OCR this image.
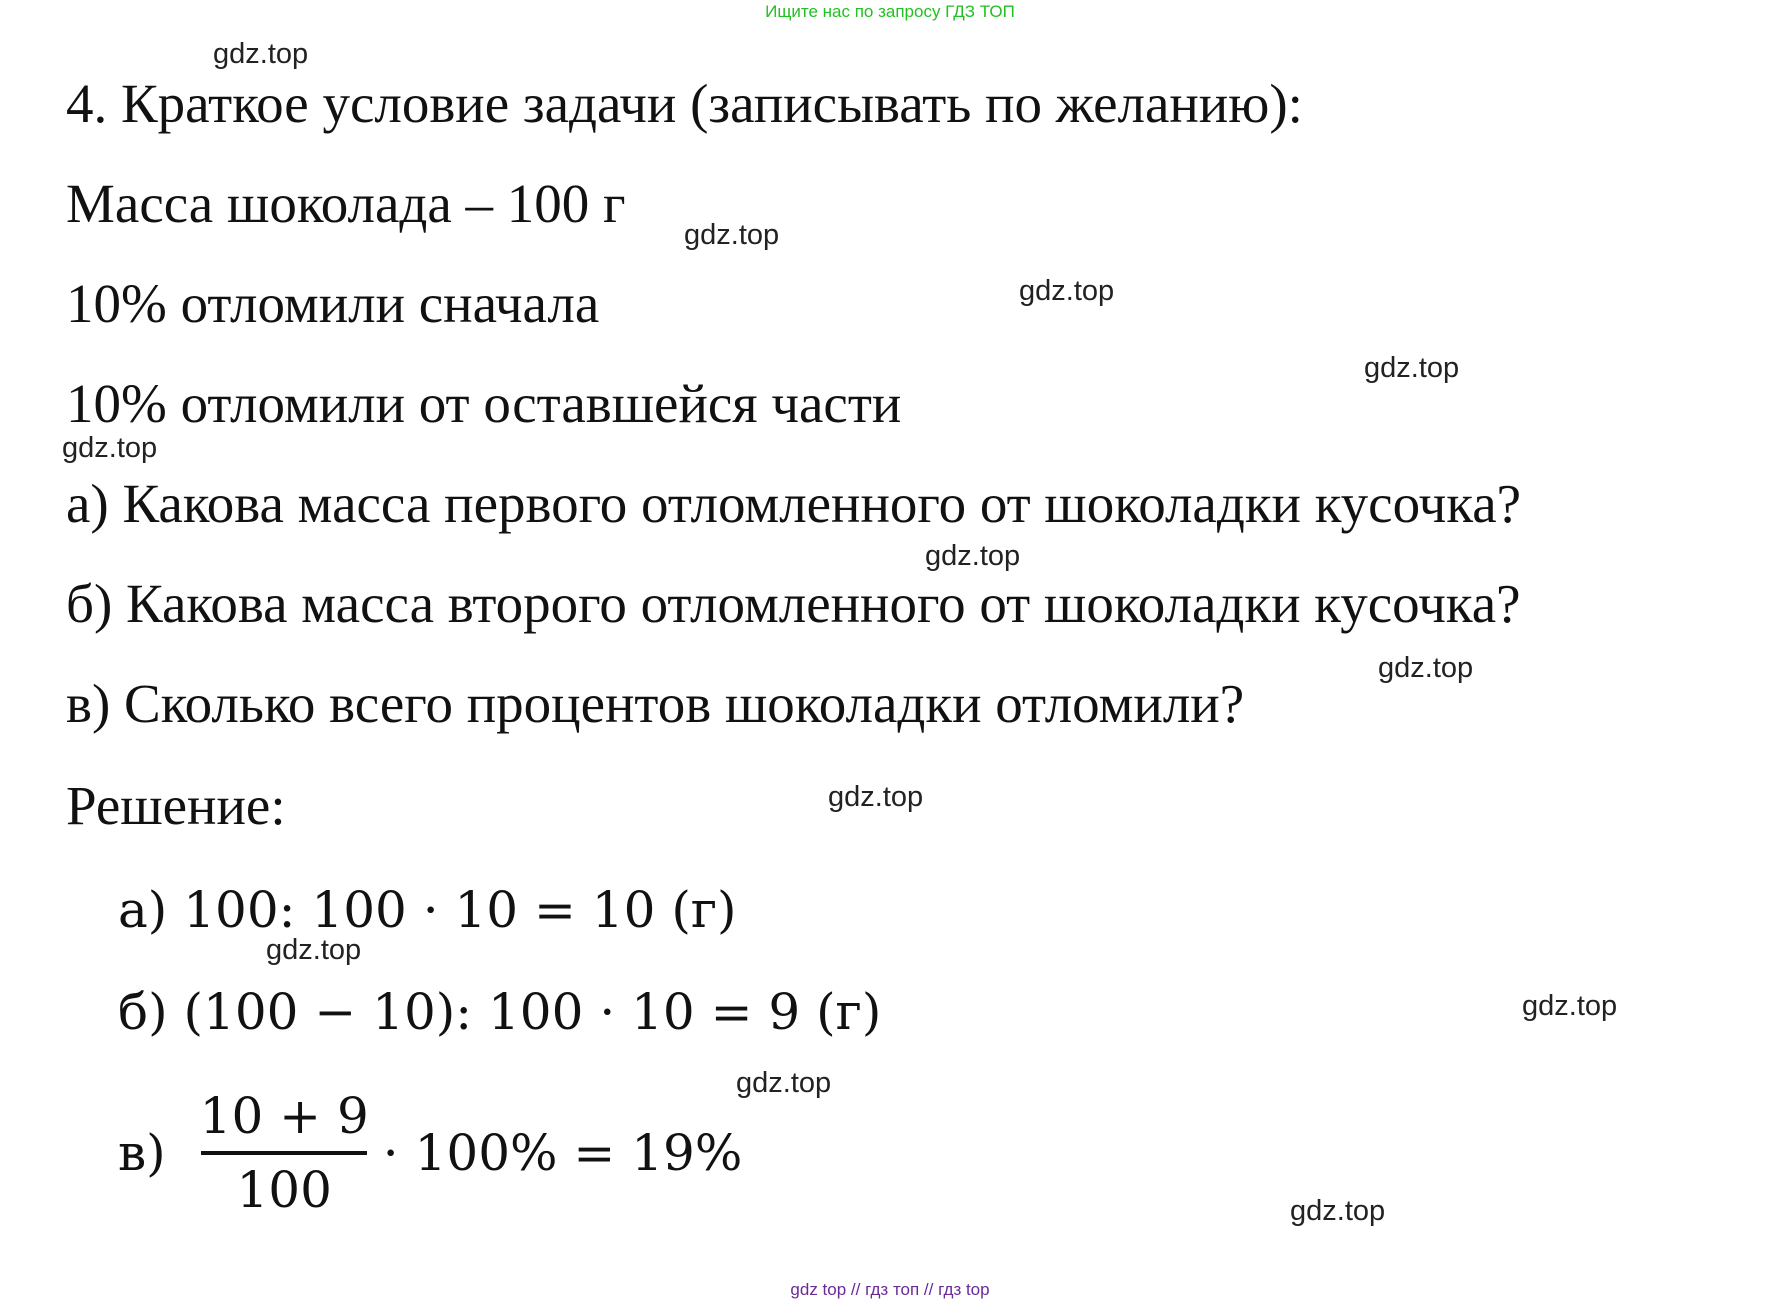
Ищите нас по запросу ГДЗ ТОП
4. Краткое условие задачи (записывать по желанию):
Масса шоколада – 100 г
10% отломили сначала
10% отломили от оставшейся части
а) Какова масса первого отломленного от шоколадки кусочка?
б) Какова масса второго отломленного от шоколадки кусочка?
в) Сколько всего процентов шоколадки отломили?
Решение:
а) 100: 100 · 10 = 10 (г)
б) (100 − 10): 100 · 10 = 9 (г)
$в) \frac{10 + 9}{100} \cdot 100\% = 19\%$
gdz.top
gdz.top
gdz.top
gdz.top
gdz.top
gdz.top
gdz.top
gdz.top
gdz.top
gdz.top
gdz.top
gdz.top
gdz top // гдз топ // гдз top
